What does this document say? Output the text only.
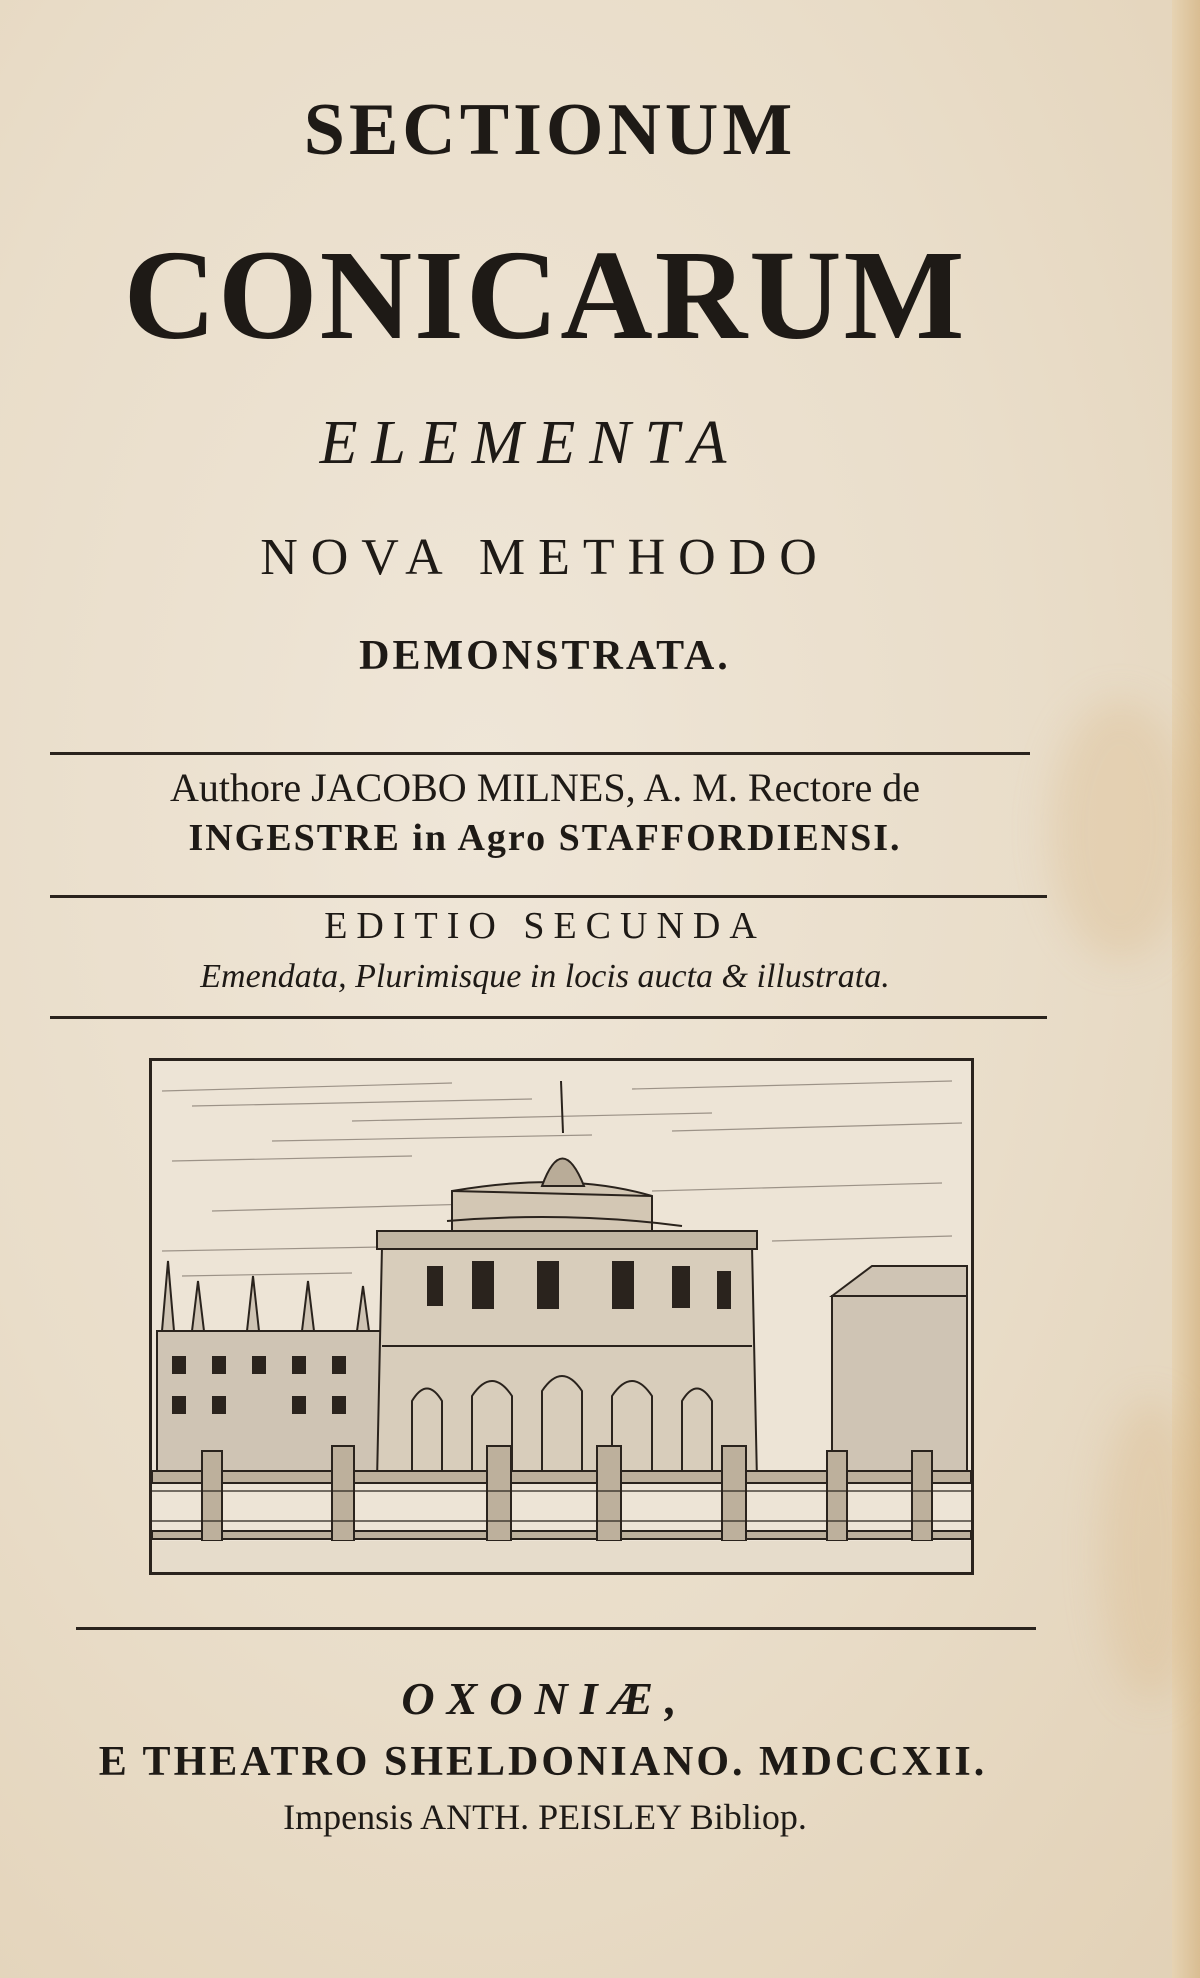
SECTIONUM
CONICARUM
ELEMENTA
NOVA METHODO
DEMONSTRATA.
Authore JACOBO MILNES, A. M. Rectore de
INGESTRE in Agro STAFFORDIENSI.
EDITIO SECUNDA
Emendata, Plurimisque in locis aucta & illustrata.
OXONIÆ,
E THEATRO SHELDONIANO. MDCCXII.
Impensis ANTH. PEISLEY Bibliop.
